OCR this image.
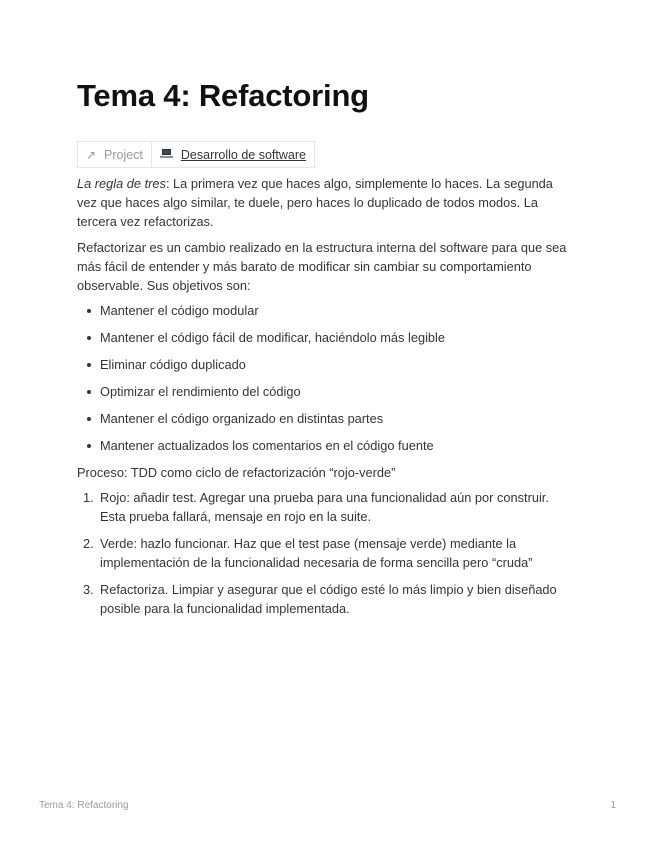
Tema 4: Refactoring
↗ Project	Desarrollo de software

La regla de tres: La primera vez que haces algo, simplemente lo haces. La segunda vez que haces algo similar, te duele, pero haces lo duplicado de todos modos. La tercera vez refactorizas.

Refactorizar es un cambio realizado en la estructura interna del software para que sea más fácil de entender y más barato de modificar sin cambiar su comportamiento observable. Sus objetivos son:

Mantener el código modular
Mantener el código fácil de modificar, haciéndolo más legible
Eliminar código duplicado
Optimizar el rendimiento del código
Mantener el código organizado en distintas partes
Mantener actualizados los comentarios en el código fuente

Proceso: TDD como ciclo de refactorización “rojo-verde”

1. Rojo: añadir test. Agregar una prueba para una funcionalidad aún por construir. Esta prueba fallará, mensaje en rojo en la suite.
2. Verde: hazlo funcionar. Haz que el test pase (mensaje verde) mediante la implementación de la funcionalidad necesaria de forma sencilla pero “cruda”
3. Refactoriza. Limpiar y asegurar que el código esté lo más limpio y bien diseñado posible para la funcionalidad implementada.
Tema 4: Refactoring	1
